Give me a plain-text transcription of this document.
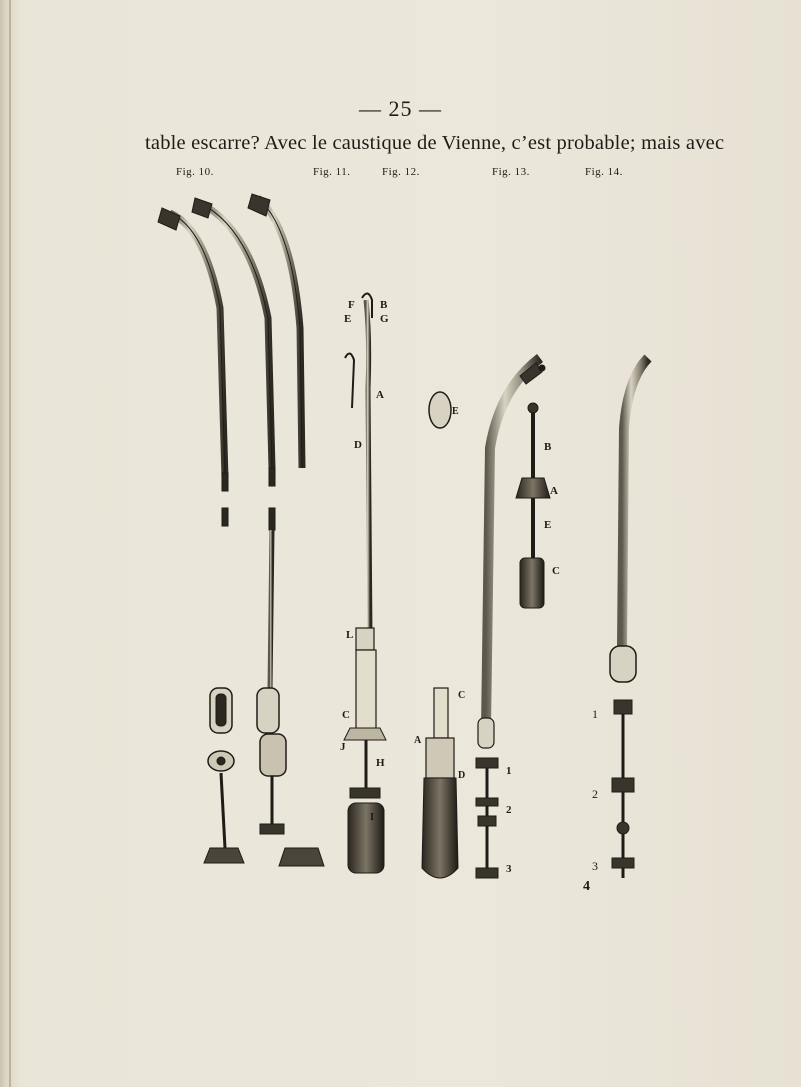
— 25 —
table escarre? Avec le caustique de Vienne, c’est probable; mais avec
Fig. 10.	Fig. 11.	Fig. 12.	Fig. 13.	Fig. 14.
F B
E	G
A
D
L
C
J
H
I
E
C
A
D
B
A
E
C
1
2
3
1
2
3
4
